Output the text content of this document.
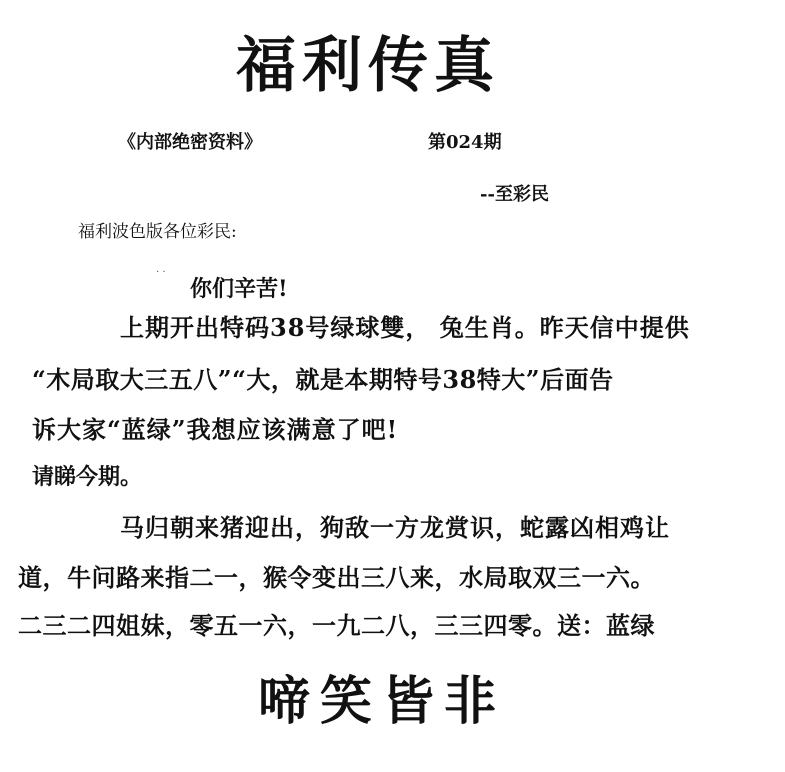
福利传真
《内部绝密资料》	第024期
--至彩民
福利波色版各位彩民:
· ·
你们辛苦!
上期开出特码38号绿球雙， 兔生肖。昨天信中提供
“木局取大三五八”“大，就是本期特号38特大”后面告
诉大家“蓝绿”我想应该满意了吧!
请睇今期。
马归朝来猪迎出，狗敌一方龙赏识，蛇露凶相鸡让
道，牛问路来指二一，猴令变出三八来，水局取双三一六。
二三二四姐妹，零五一六，一九二八，三三四零。送：蓝绿
啼笑皆非
